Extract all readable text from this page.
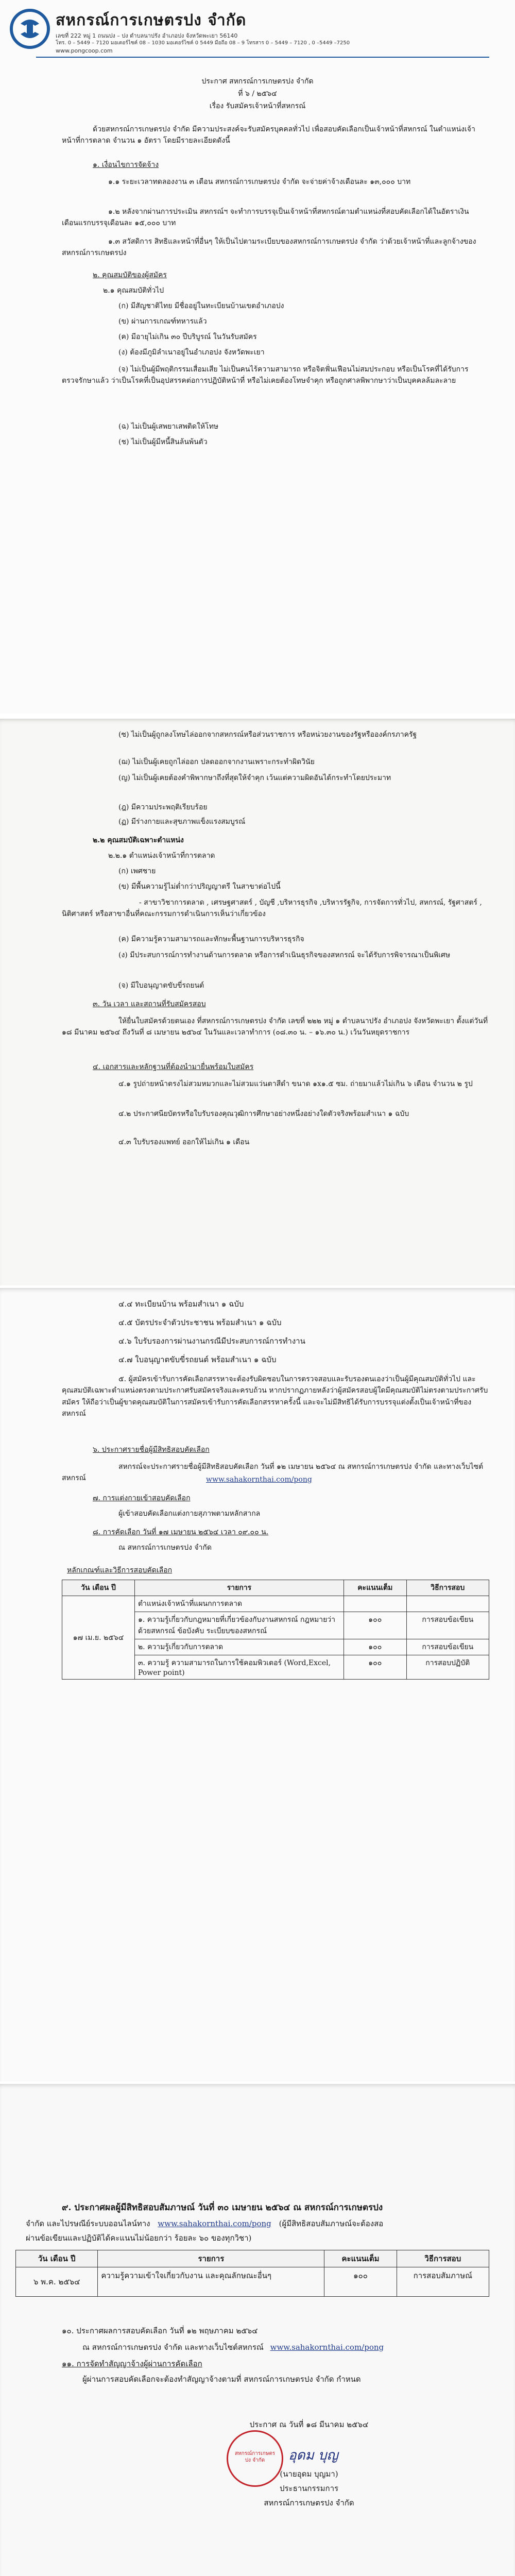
สหกรณ์การเกษตรปง จำกัด
เลขที่ 222 หมู่ 1 ถนนปง – ปง ตำบลนาปรัง อำเภอปง จังหวัดพะเยา 56140
โทร. 0 – 5449 – 7120 มอเตอร์ไซค์ 08 – 1030 มอเตอร์ไซค์ 0 5449 มือถือ 08 – 9 โทรสาร 0 – 5449 – 7120 , 0 –5449 –7250
www.pongcoop.com
ประกาศ สหกรณ์การเกษตรปง จำกัด
ที่ ๖ / ๒๕๖๔
เรื่อง รับสมัครเจ้าหน้าที่สหกรณ์
ด้วยสหกรณ์การเกษตรปง จำกัด มีความประสงค์จะรับสมัครบุคคลทั่วไป เพื่อสอบคัดเลือกเป็นเจ้าหน้าที่สหกรณ์ ในตำแหน่งเจ้าหน้าที่การตลาด จำนวน ๑ อัตรา โดยมีรายละเอียดดังนี้
๑. เงื่อนไขการจัดจ้าง
๑.๑ ระยะเวลาทดลองงาน ๓ เดือน สหกรณ์การเกษตรปง จำกัด จะจ่ายค่าจ้างเดือนละ ๑๓,๐๐๐ บาท
๑.๒ หลังจากผ่านการประเมิน สหกรณ์ฯ จะทำการบรรจุเป็นเจ้าหน้าที่สหกรณ์ตามตำแหน่งที่สอบคัดเลือกได้ในอัตราเงินเดือนแรกบรรจุเดือนละ ๑๕,๐๐๐ บาท
๑.๓ สวัสดิการ สิทธิและหน้าที่อื่นๆ ให้เป็นไปตามระเบียบของสหกรณ์การเกษตรปง จำกัด ว่าด้วยเจ้าหน้าที่และลูกจ้างของสหกรณ์การเกษตรปง
๒. คุณสมบัติของผู้สมัคร
๒.๑ คุณสมบัติทั่วไป
(ก) มีสัญชาติไทย มีชื่ออยู่ในทะเบียนบ้านเขตอำเภอปง
(ข) ผ่านการเกณฑ์ทหารแล้ว
(ค) มีอายุไม่เกิน ๓๐ ปีบริบูรณ์ ในวันรับสมัคร
(ง) ต้องมีภูมิลำเนาอยู่ในอำเภอปง จังหวัดพะเยา
(จ) ไม่เป็นผู้มีพฤติกรรมเสื่อมเสีย ไม่เป็นคนไร้ความสามารถ หรือจิตฟั่นเฟือนไม่สมประกอบ หรือเป็นโรคที่ได้รับการตรวจรักษาแล้ว ว่าเป็นโรคที่เป็นอุปสรรคต่อการปฏิบัติหน้าที่ หรือไม่เคยต้องโทษจำคุก หรือถูกศาลพิพากษาว่าเป็นบุคคลล้มละลาย
(ฉ) ไม่เป็นผู้เสพยาเสพติดให้โทษ
(ช) ไม่เป็นผู้มีหนี้สินล้นพ้นตัว
(ซ) ไม่เป็นผู้ถูกลงโทษไล่ออกจากสหกรณ์หรือส่วนราชการ หรือหน่วยงานของรัฐหรือองค์กรภาครัฐ
(ฌ) ไม่เป็นผู้เคยถูกไล่ออก ปลดออกจากงานเพราะกระทำผิดวินัย
(ญ) ไม่เป็นผู้เคยต้องคำพิพากษาถึงที่สุดให้จำคุก เว้นแต่ความผิดอันได้กระทำโดยประมาท
(ฎ) มีความประพฤติเรียบร้อย
(ฏ) มีร่างกายและสุขภาพแข็งแรงสมบูรณ์
๒.๒ คุณสมบัติเฉพาะตำแหน่ง
๒.๒.๑ ตำแหน่งเจ้าหน้าที่การตลาด
(ก) เพศชาย
(ข) มีพื้นความรู้ไม่ต่ำกว่าปริญญาตรี ในสาขาต่อไปนี้
- สาขาวิชาการตลาด , เศรษฐศาสตร์ , บัญชี ,บริหารธุรกิจ ,บริหารรัฐกิจ, การจัดการทั่วไป, สหกรณ์, รัฐศาสตร์ , นิติศาสตร์ หรือสาขาอื่นที่คณะกรรมการดำเนินการเห็นว่าเกี่ยวข้อง
(ค) มีความรู้ความสามารถและทักษะพื้นฐานการบริหารธุรกิจ
(ง) มีประสบการณ์การทำงานด้านการตลาด หรือการดำเนินธุรกิจของสหกรณ์ จะได้รับการพิจารณาเป็นพิเศษ
(จ) มีใบอนุญาตขับขี่รถยนต์
๓. วัน เวลา และสถานที่รับสมัครสอบ
ให้ยื่นใบสมัครด้วยตนเอง ที่สหกรณ์การเกษตรปง จำกัด เลขที่ ๒๒๒ หมู่ ๑ ตำบลนาปรัง อำเภอปง จังหวัดพะเยา ตั้งแต่วันที่ ๑๘ มีนาคม ๒๕๖๔ ถึงวันที่ ๘ เมษายน ๒๕๖๔ ในวันและเวลาทำการ (๐๘.๓๐ น. – ๑๖.๓๐ น.) เว้นวันหยุดราชการ
๔. เอกสารและหลักฐานที่ต้องนำมายื่นพร้อมใบสมัคร
๔.๑ รูปถ่ายหน้าตรงไม่สวมหมวกและไม่สวมแว่นตาสีดำ ขนาด ๑x๑.๕ ซม. ถ่ายมาแล้วไม่เกิน ๖ เดือน จำนวน ๒ รูป
๔.๒ ประกาศนียบัตรหรือใบรับรองคุณวุฒิการศึกษาอย่างหนึ่งอย่างใดตัวจริงพร้อมสำเนา ๑ ฉบับ
๔.๓ ใบรับรองแพทย์ ออกให้ไม่เกิน ๑ เดือน
๔.๔ ทะเบียนบ้าน พร้อมสำเนา ๑ ฉบับ
๔.๕ บัตรประจำตัวประชาชน พร้อมสำเนา ๑ ฉบับ
๔.๖ ใบรับรองการผ่านงานกรณีมีประสบการณ์การทำงาน
๔.๗ ใบอนุญาตขับขี่รถยนต์ พร้อมสำเนา ๑ ฉบับ
๕. ผู้สมัครเข้ารับการคัดเลือกสรรหาจะต้องรับผิดชอบในการตรวจสอบและรับรองตนเองว่าเป็นผู้มีคุณสมบัติทั่วไป และคุณสมบัติเฉพาะตำแหน่งตรงตามประกาศรับสมัครจริงและครบถ้วน หากปรากฏภายหลังว่าผู้สมัครสอบผู้ใดมีคุณสมบัติไม่ตรงตามประกาศรับสมัคร ให้ถือว่าเป็นผู้ขาดคุณสมบัติในการสมัครเข้ารับการคัดเลือกสรรหาครั้งนี้ และจะไม่มีสิทธิได้รับการบรรจุแต่งตั้งเป็นเจ้าหน้าที่ของสหกรณ์
๖. ประกาศรายชื่อผู้มีสิทธิสอบคัดเลือก
สหกรณ์จะประกาศรายชื่อผู้มีสิทธิสอบคัดเลือก วันที่ ๑๒ เมษายน ๒๕๖๔ ณ สหกรณ์การเกษตรปง จำกัด และทางเว็บไซต์สหกรณ์	www.sahakornthai.com/pong
๗. การแต่งกายเข้าสอบคัดเลือก
ผู้เข้าสอบคัดเลือกแต่งกายสุภาพตามหลักสากล
๘. การคัดเลือก วันที่ ๑๗ เมษายน ๒๕๖๔ เวลา ๐๙.๐๐ น.
ณ สหกรณ์การเกษตรปง จำกัด
หลักเกณฑ์และวิธีการสอบคัดเลือก
วัน เดือน ปี	รายการ	คะแนนเต็ม	วิธีการสอบ
๑๗ เม.ย. ๒๕๖๔	ตำแหน่งเจ้าหน้าที่แผนกการตลาด		
	๑. ความรู้เกี่ยวกับกฎหมายที่เกี่ยวข้องกับงานสหกรณ์ กฎหมายว่าด้วยสหกรณ์ ข้อบังคับ ระเบียบของสหกรณ์	๑๐๐	การสอบข้อเขียน
	๒. ความรู้เกี่ยวกับการตลาด	๑๐๐	การสอบข้อเขียน
	๓. ความรู้ ความสามารถในการใช้คอมพิวเตอร์ (Word,Excel, Power point)	๑๐๐	การสอบปฏิบัติ
๙. ประกาศผลผู้มีสิทธิสอบสัมภาษณ์ วันที่ ๓๐ เมษายน ๒๕๖๔ ณ สหกรณ์การเกษตรปง
จำกัด และไปรษณีย์ระบบออนไลน์ทาง www.sahakornthai.com/pong (ผู้มีสิทธิสอบสัมภาษณ์จะต้องสอ
ผ่านข้อเขียนและปฏิบัติได้คะแนนไม่น้อยกว่า ร้อยละ ๖๐ ของทุกวิชา)
วัน เดือน ปี	รายการ	คะแนนเต็ม	วิธีการสอบ
๖ พ.ค. ๒๕๖๔	ความรู้ความเข้าใจเกี่ยวกับงาน และคุณลักษณะอื่นๆ	๑๐๐	การสอบสัมภาษณ์
๑๐. ประกาศผลการสอบคัดเลือก วันที่ ๑๒ พฤษภาคม ๒๕๖๔
ณ สหกรณ์การเกษตรปง จำกัด และทางเว็บไซต์สหกรณ์ www.sahakornthai.com/pong
๑๑. การจัดทำสัญญาจ้างผู้ผ่านการคัดเลือก
ผู้ผ่านการสอบคัดเลือกจะต้องทำสัญญาจ้างตามที่ สหกรณ์การเกษตรปง จำกัด กำหนด
ประกาศ ณ วันที่ ๑๘ มีนาคม ๒๕๖๔
สหกรณ์การเกษตรปง จำกัด	อุดม บุญ
(นายอุดม บุญมา)
ประธานกรรมการ
สหกรณ์การเกษตรปง จำกัด
